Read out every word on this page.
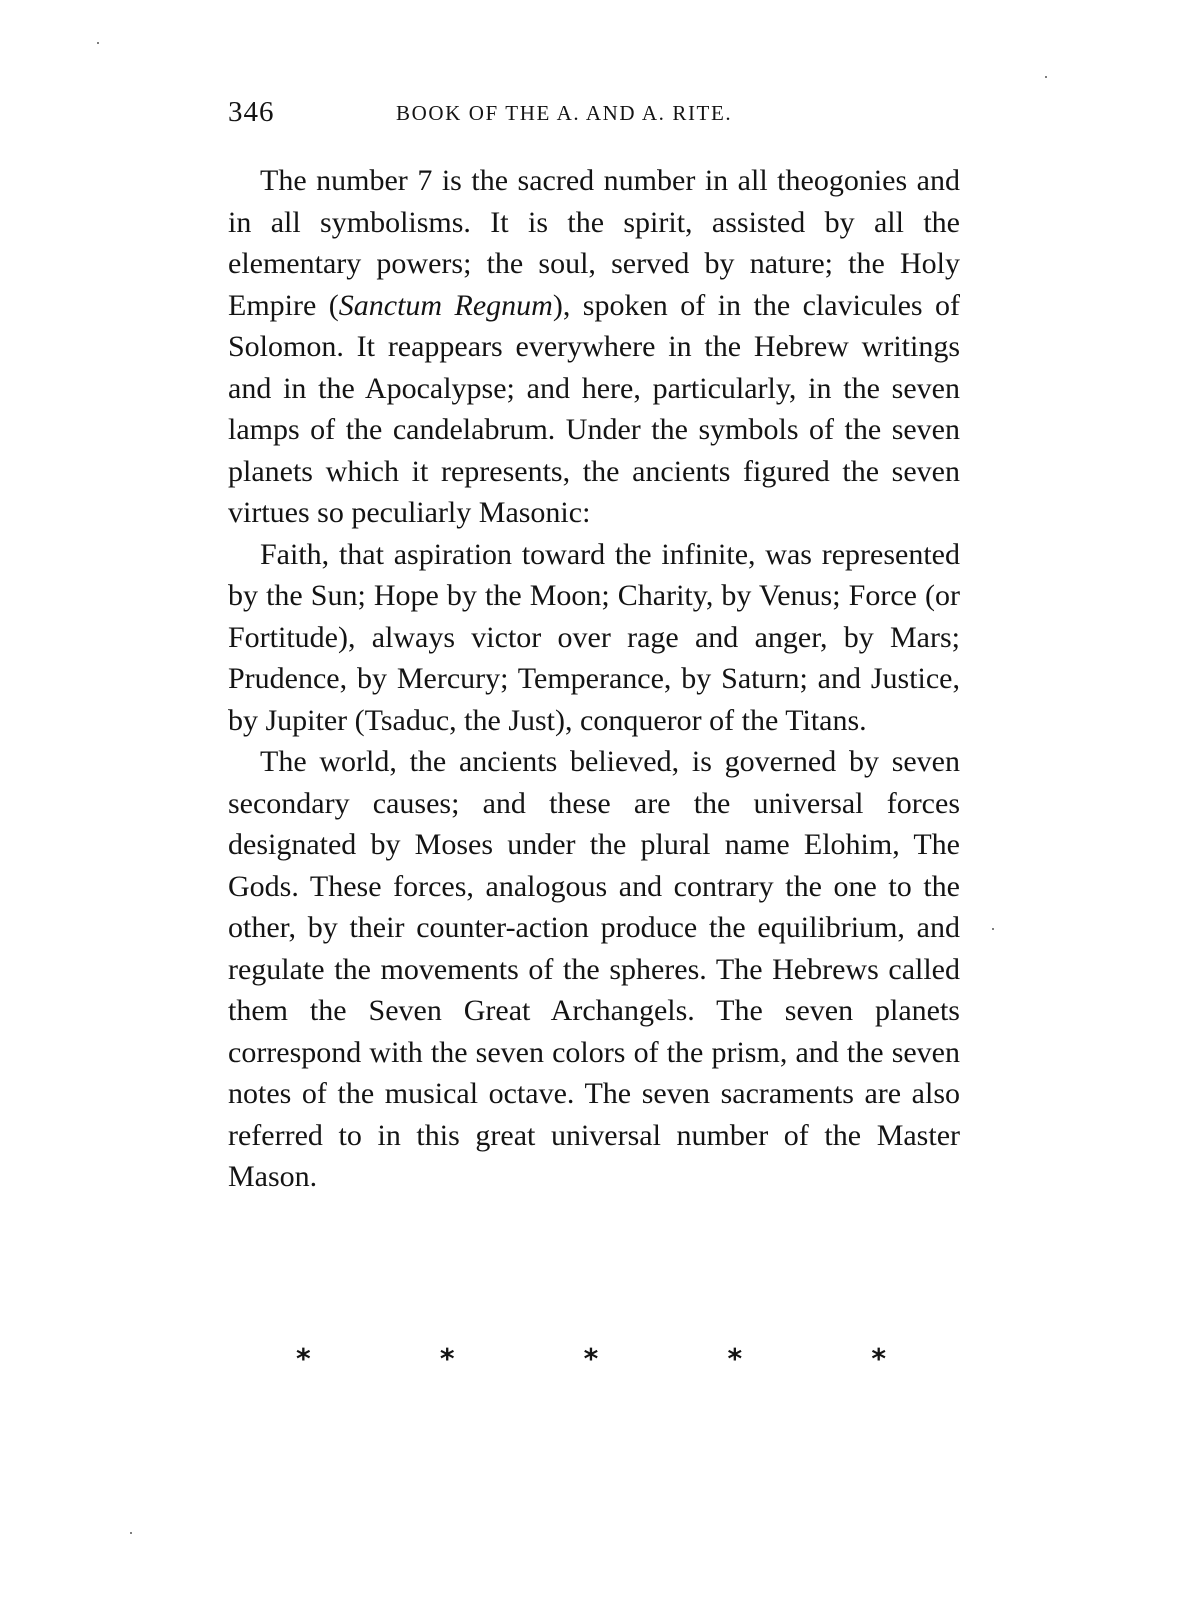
346	BOOK OF THE A. AND A. RITE.

The number 7 is the sacred number in all theogonies and in all symbolisms. It is the spirit, assisted by all the elementary powers; the soul, served by nature; the Holy Empire (Sanctum Regnum), spoken of in the clavicules of Solomon. It reappears everywhere in the Hebrew writings and in the Apocalypse; and here, particularly, in the seven lamps of the candelabrum. Under the symbols of the seven planets which it represents, the ancients figured the seven virtues so peculiarly Masonic:

Faith, that aspiration toward the infinite, was represented by the Sun; Hope by the Moon; Charity, by Venus; Force (or Fortitude), always victor over rage and anger, by Mars; Prudence, by Mercury; Temperance, by Saturn; and Justice, by Jupiter (Tsaduc, the Just), conqueror of the Titans.

The world, the ancients believed, is governed by seven secondary causes; and these are the universal forces designated by Moses under the plural name Elohim, The Gods. These forces, analogous and contrary the one to the other, by their counter-action produce the equilibrium, and regulate the movements of the spheres. The Hebrews called them the Seven Great Archangels. The seven planets correspond with the seven colors of the prism, and the seven notes of the musical octave. The seven sacraments are also referred to in this great universal number of the Master Mason.

*	*	*	*	*
